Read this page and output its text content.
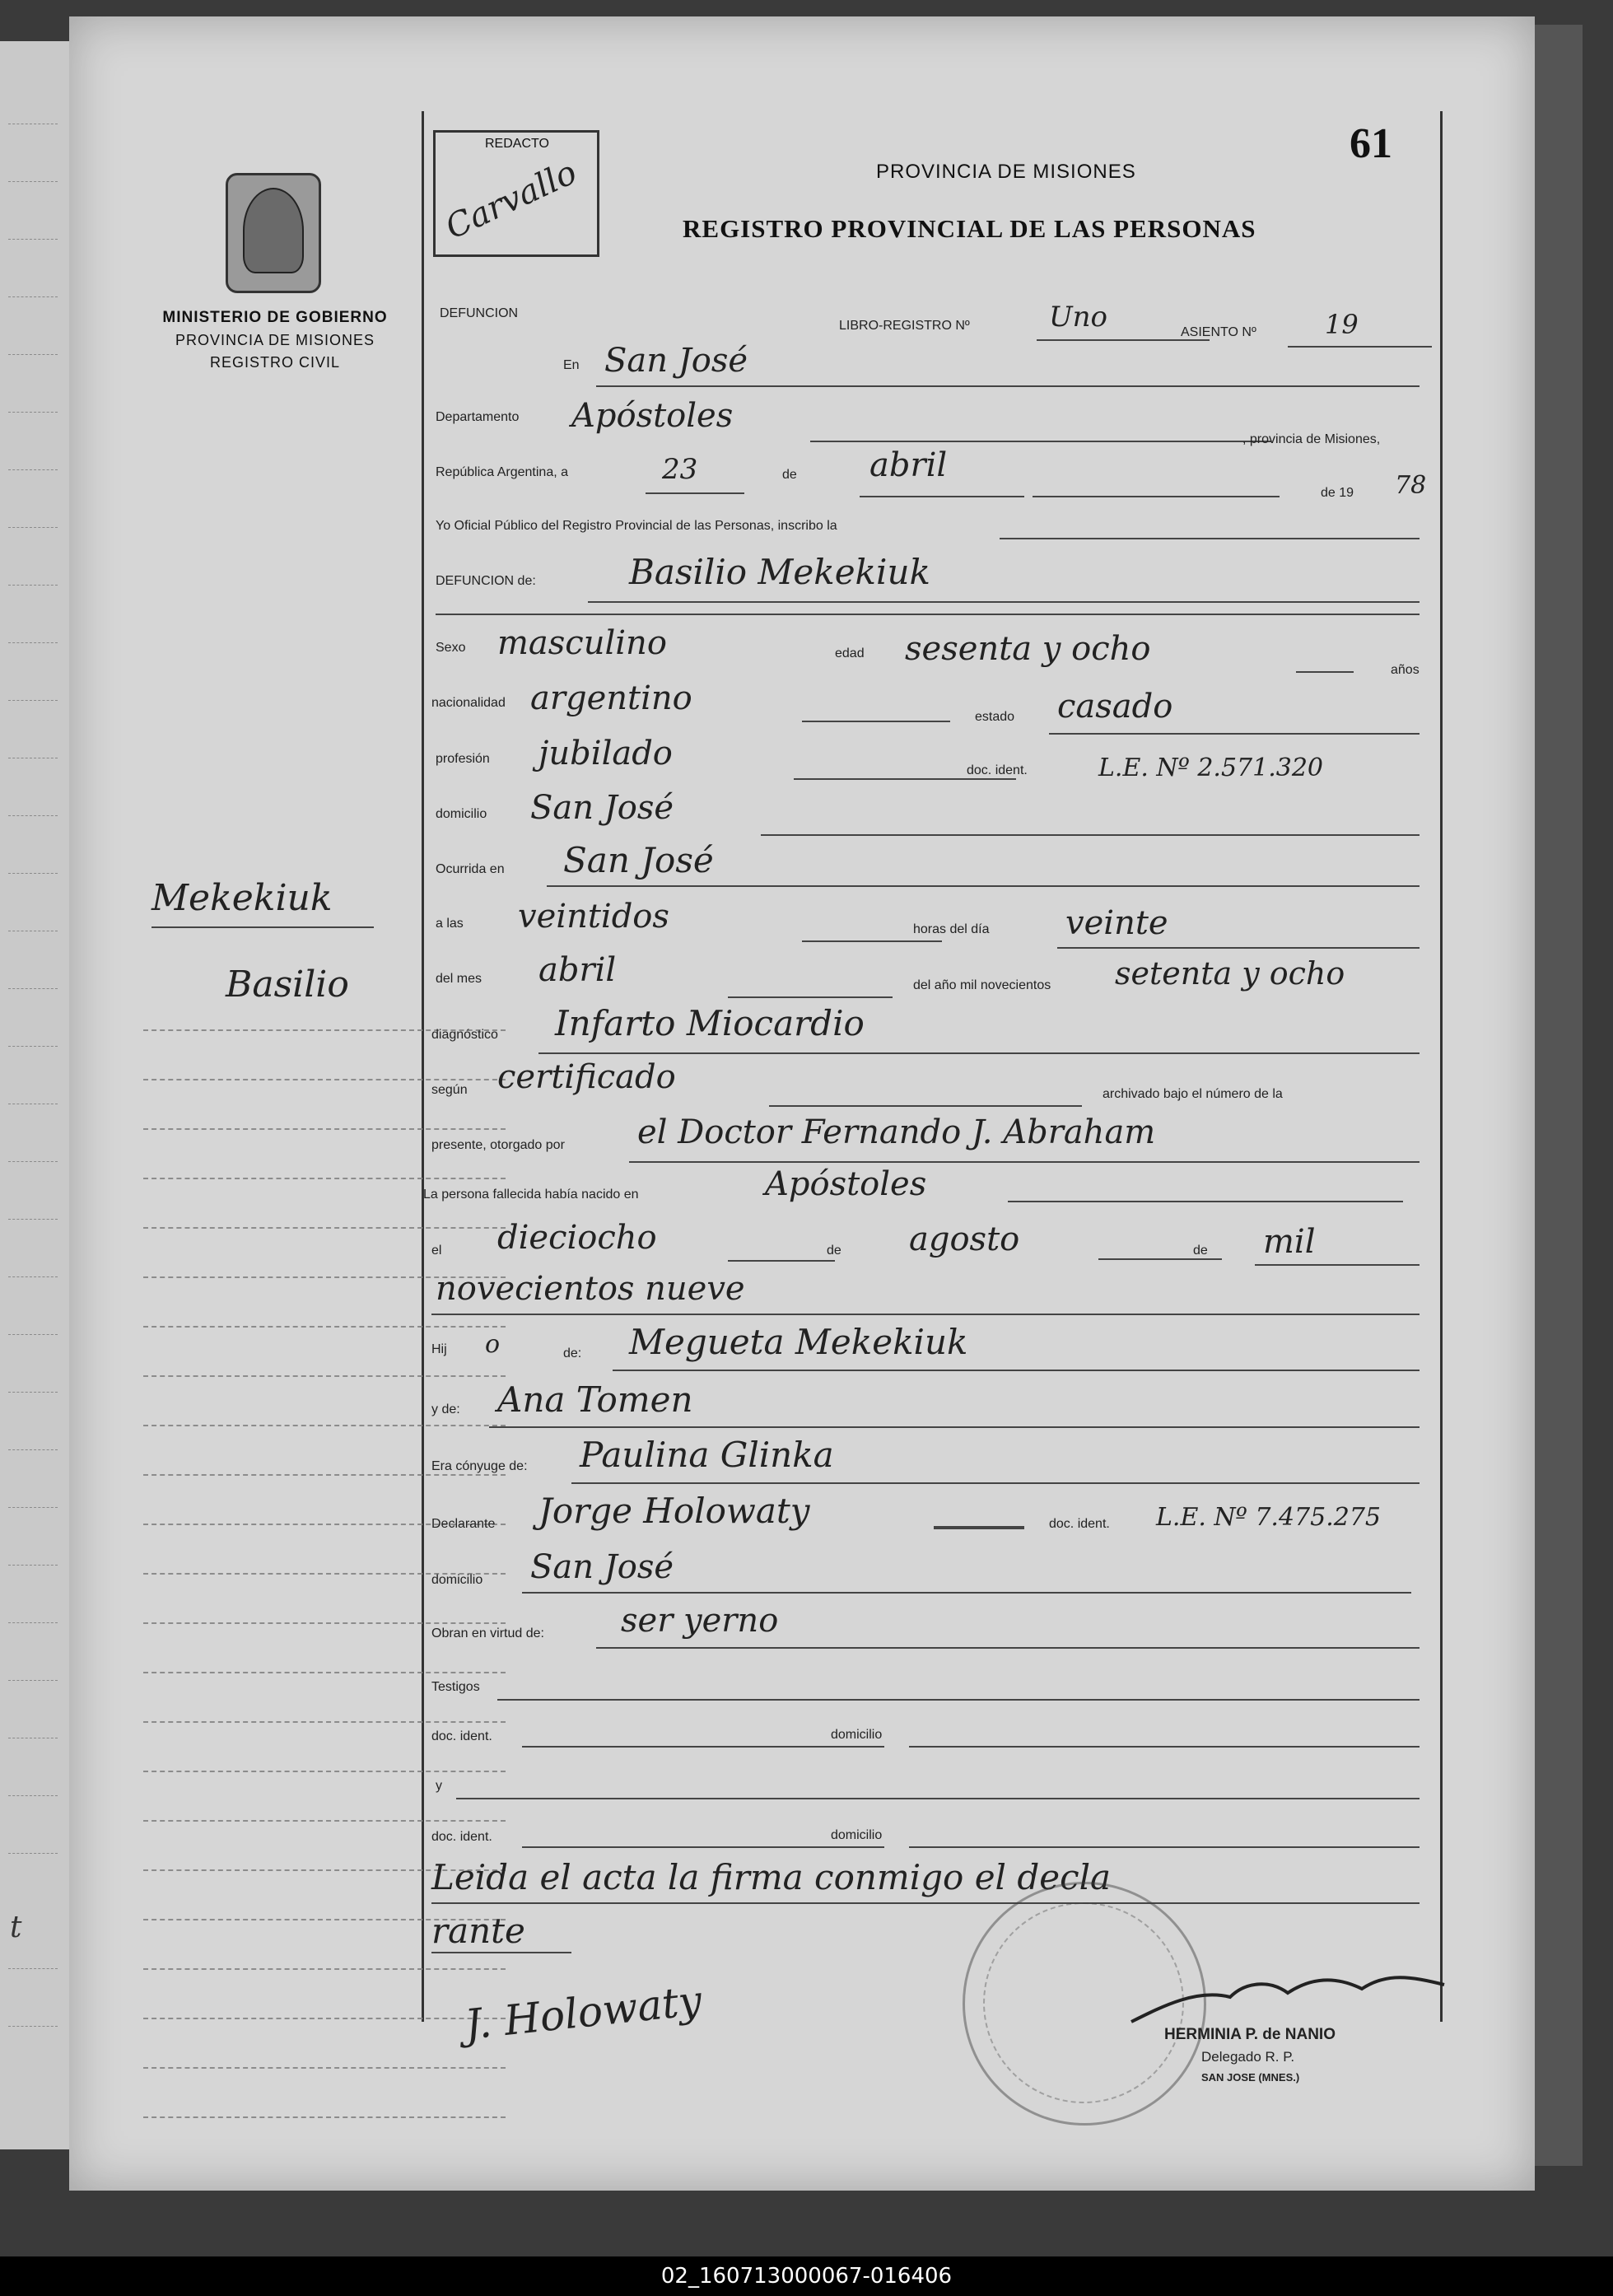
t
MINISTERIO DE GOBIERNO
PROVINCIA DE MISIONES
REGISTRO CIVIL
Mekekiuk
Basilio
REDACTO
Carvallo	PROVINCIA DE MISIONES
REGISTRO PROVINCIAL DE LAS PERSONAS
61
DEFUNCION
LIBRO-REGISTRO Nº	Uno	ASIENTO Nº	19
En San José
Departamento Apóstoles
, provincia de Misiones,
República Argentina, a	23	de abril
de 19 78
Yo Oficial Público del Registro Provincial de las Personas, inscribo la
DEFUNCION de:	Basilio Mekekiuk
Sexo masculino	edad sesenta y ocho
años
nacionalidad argentino	estado casado
profesión jubilado	doc. ident.	L.E. Nº 2.571.320
domicilio San José
Ocurrida en San José
a las veintidos	horas del día veinte
del mes abril	del año mil novecientos setenta y ocho
diagnóstico Infarto Miocardio
según certificado	archivado bajo el número de la
presente, otorgado por el Doctor Fernando J. Abraham
La persona fallecida había nacido en	Apóstoles
el dieciocho	de agosto	de mil
novecientos nueve
Hij o	de: Megueta Mekekiuk
y de: Ana Tomen
Era cónyuge de: Paulina Glinka
Declarante Jorge Holowaty	doc. ident. L.E. Nº 7.475.275
domicilio San José
Obran en virtud de: ser yerno
Testigos
doc. ident.	domicilio
y
doc. ident.	domicilio
Leida el acta la firma conmigo el decla
rante
J. Holowaty	HERMINIA P. de NANIO
Delegado R. P.
SAN JOSE (MNES.)
02_160713000067-016406
